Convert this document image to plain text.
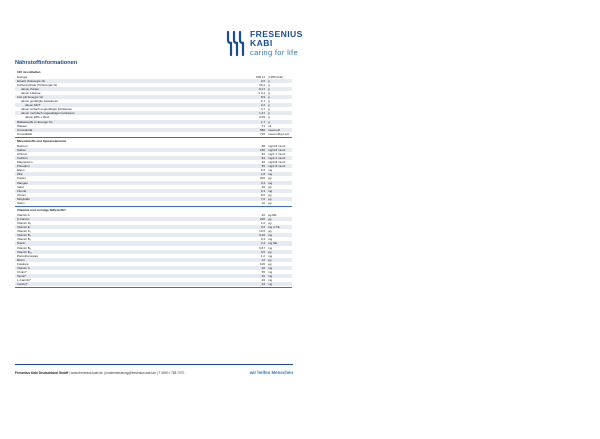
FRESENIUS
KABI
caring for life
Nährstoffinformationen
100 ml enthalten
Energie	840 kJ (=200 kcal)
Eiweiß (6 Energie %)	3,0 g
Kohlenhydrate (53 Energie %)	26,4 g
davon Zucker	8,17 g
davon Laktose	≤ 0,4 g
Fett (40 Energie %)	8,9 g
davon gesättigte Fettsäuren	2,7 g
davon MCT	2,2 g
davon einfach ungesättigte Fettsäuren	4,7 g
davon mehrfach ungesättigte Fettsäuren	1,47 g
davon EPA + DHA	0,09 g
Ballaststoffe (1 Energie %)	1,7 g
Wasser	71 ml
Osmolarität	586 mosmol/l
Osmolalität	710 mosmol/kg H₂O
Mineralstoffe und Spurenelemente
Natrium	88 mg/3,8 mmol
Kalium	180 mg/4,6 mmol
Chlorid	62 mg/1,7 mmol
Calcium	84 mg/2,1 mmol
Magnesium	20 mg/0,8 mmol
Phosphor	55 mg/1,8 mmol
Eisen	2,0 mg
Zink	1,8 mg
Kupfer	200 µg
Mangan	0,4 mg
Iodid	20 µg
Fluorid	0,3 mg
Chrom	9,0 µg
Molybdän	7,0 µg
Selen	10 µg
Vitamine und sonstige Nährstoffe*
Vitamin A	40 µg RE
β-Carotin	200 µg
Vitamin D₃	1,0 µg
Vitamin E	3,0 mg α-TE
Vitamin K₁	10,5 µg
Vitamin B₁	0,26 mg
Vitamin B₂	0,3 mg
Niacin	3,4 mg NE
Vitamin B₆	0,67 mg
Vitamin B₁₂	0,6 µg
Pantothensäure	1,2 mg
Biotin	12 µg
Folsäure	100 µg
Vitamin C	20 mg
Cholin*	55 mg
Taurin*	20 mg
L-Carnitin*	20 mg
Inositol*	24 mg
Fresenius Kabi Deutschland GmbH | www.fresenius-kabi.de | kundenberatung@fresenius-kabi.de | T 0800 / 788 7070	wir helfen Menschen
